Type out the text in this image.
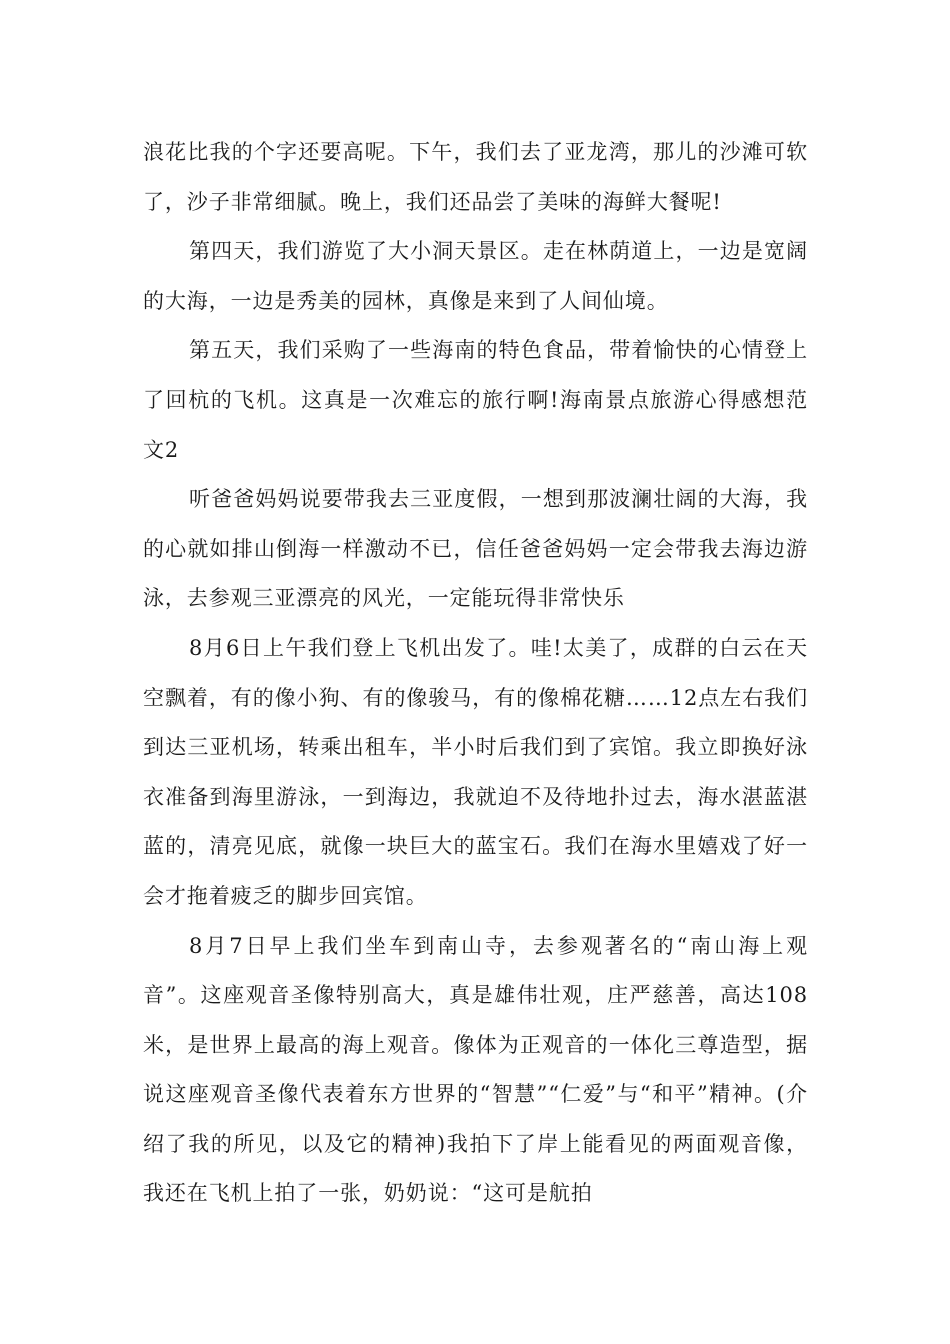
浪花比我的个字还要高呢。下午，我们去了亚龙湾，那儿的沙滩可软了，沙子非常细腻。晚上，我们还品尝了美味的海鲜大餐呢!

第四天，我们游览了大小洞天景区。走在林荫道上，一边是宽阔的大海，一边是秀美的园林，真像是来到了人间仙境。

第五天，我们采购了一些海南的特色食品，带着愉快的心情登上了回杭的飞机。这真是一次难忘的旅行啊!海南景点旅游心得感想范文2

听爸爸妈妈说要带我去三亚度假，一想到那波澜壮阔的大海，我的心就如排山倒海一样激动不已，信任爸爸妈妈一定会带我去海边游泳，去参观三亚漂亮的风光，一定能玩得非常快乐

8月6日上午我们登上飞机出发了。哇!太美了，成群的白云在天空飘着，有的像小狗、有的像骏马，有的像棉花糖……12点左右我们到达三亚机场，转乘出租车，半小时后我们到了宾馆。我立即换好泳衣准备到海里游泳，一到海边，我就迫不及待地扑过去，海水湛蓝湛蓝的，清亮见底，就像一块巨大的蓝宝石。我们在海水里嬉戏了好一会才拖着疲乏的脚步回宾馆。

8月7日早上我们坐车到南山寺，去参观著名的“南山海上观音”。这座观音圣像特别高大，真是雄伟壮观，庄严慈善，高达108米，是世界上最高的海上观音。像体为正观音的一体化三尊造型，据说这座观音圣像代表着东方世界的“智慧”“仁爱”与“和平”精神。(介绍了我的所见，以及它的精神)我拍下了岸上能看见的两面观音像，我还在飞机上拍了一张，奶奶说：“这可是航拍
